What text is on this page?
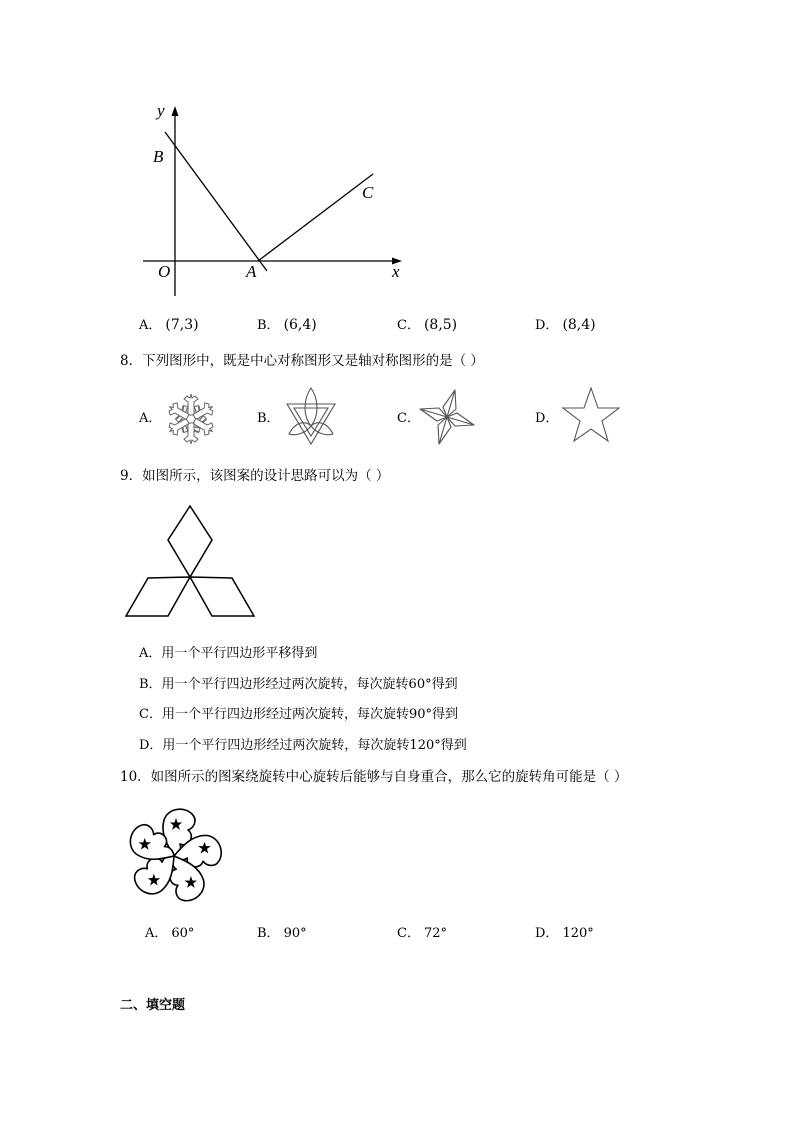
y
x
O
B
A
C
A． (7,3)	B． (6,4)	C． (8,5)	D． (8,4)
8．下列图形中，既是中心对称图形又是轴对称图形的是（ ）
A．	B．	C．	D．
9．如图所示，该图案的设计思路可以为（ ）
A．用一个平行四边形平移得到
B．用一个平行四边形经过两次旋转，每次旋转60°得到
C．用一个平行四边形经过两次旋转，每次旋转90°得到
D．用一个平行四边形经过两次旋转，每次旋转120°得到
10．如图所示的图案绕旋转中心旋转后能够与自身重合，那么它的旋转角可能是（ ）
A． 60°	B． 90°	C． 72°	D． 120°
二、填空题
